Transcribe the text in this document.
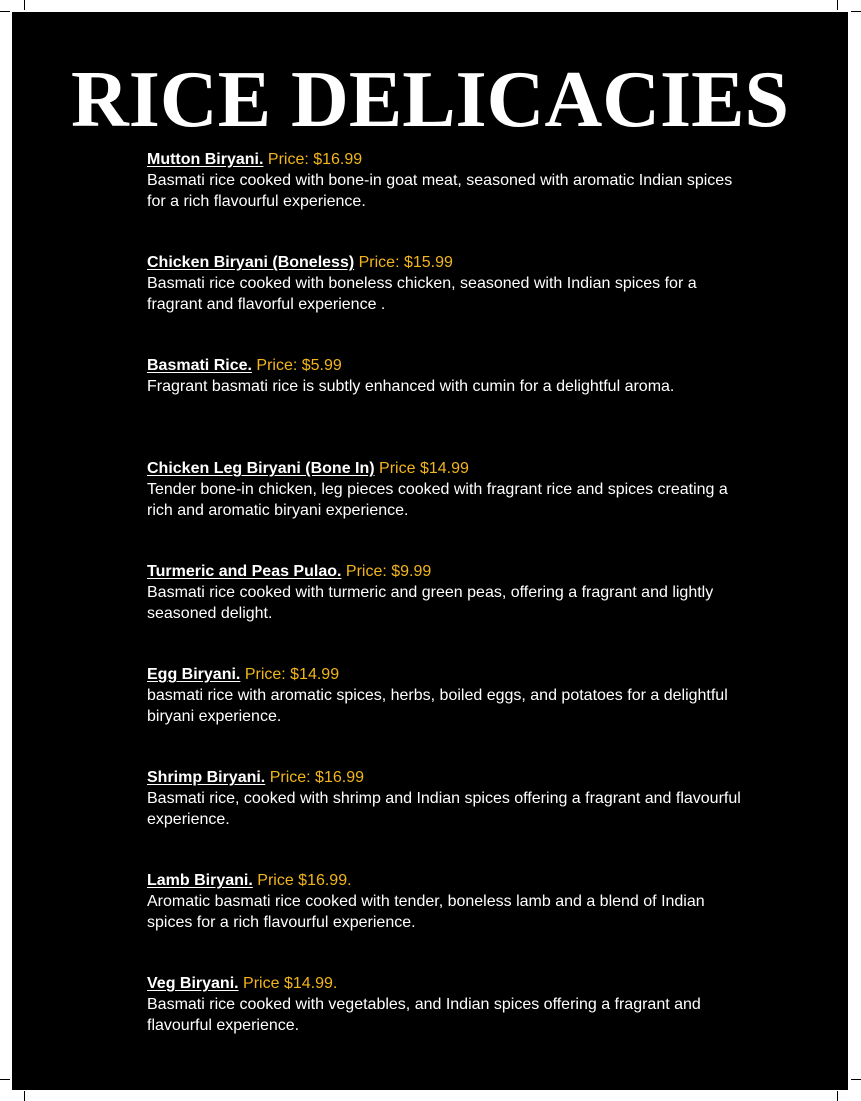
RICE DELICACIES
Mutton Biryani. Price: $16.99
Basmati rice cooked with bone-in goat meat, seasoned with aromatic Indian spices for a rich flavourful experience.
Chicken Biryani (Boneless) Price: $15.99
Basmati rice cooked with boneless chicken, seasoned with Indian spices for a fragrant and flavorful experience .
Basmati Rice. Price: $5.99
Fragrant basmati rice is subtly enhanced with cumin for a delightful aroma.
Chicken Leg Biryani (Bone In) Price $14.99
Tender bone-in chicken, leg pieces cooked with fragrant rice and spices creating a rich and aromatic biryani experience.
Turmeric and Peas Pulao. Price: $9.99
Basmati rice cooked with turmeric and green peas, offering a fragrant and lightly seasoned delight.
Egg Biryani. Price: $14.99
basmati rice with aromatic spices, herbs, boiled eggs, and potatoes for a delightful biryani experience.
Shrimp Biryani. Price: $16.99
Basmati rice, cooked with shrimp and Indian spices offering a fragrant and flavourful experience.
Lamb Biryani. Price $16.99.
Aromatic basmati rice cooked with tender, boneless lamb and a blend of Indian spices for a rich flavourful experience.
Veg Biryani. Price $14.99.
Basmati rice cooked with vegetables, and Indian spices offering a fragrant and flavourful experience.
